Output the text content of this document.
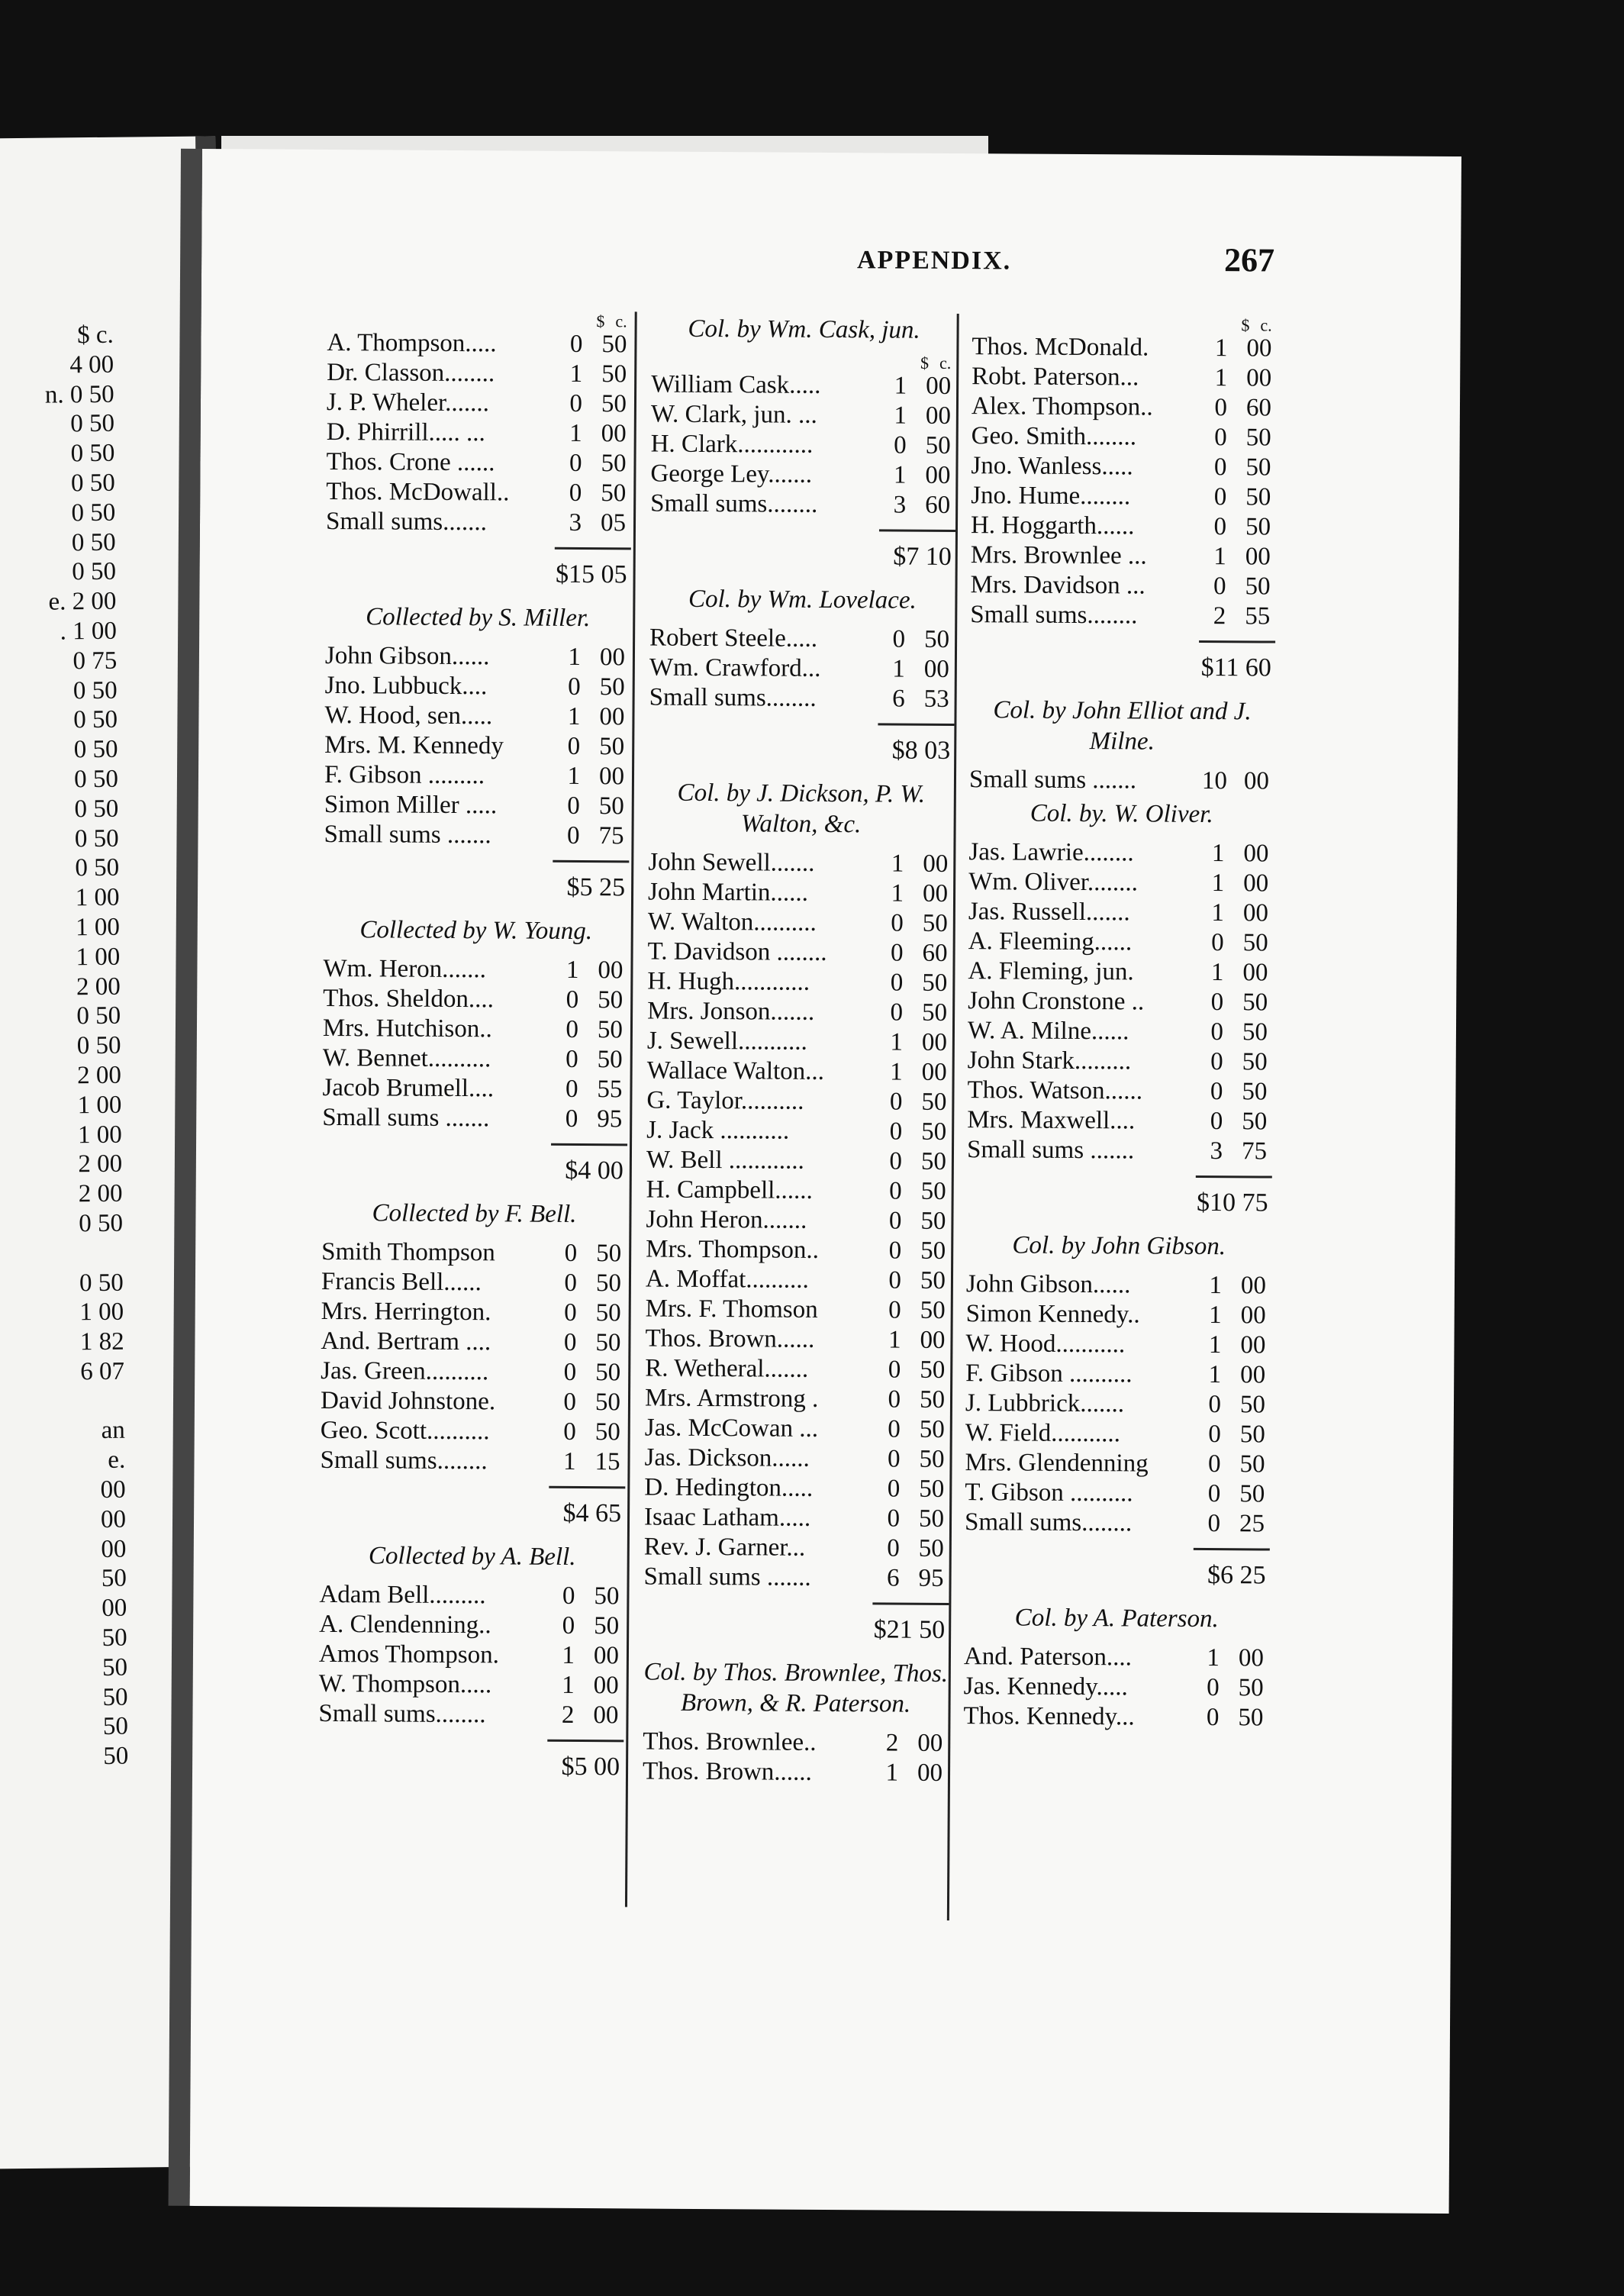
$ c.
4 00
n. 0 50
0 50
0 50
0 50
0 50
0 50
0 50
e. 2 00
. 1 00
0 75
0 50
0 50
0 50
0 50
0 50
0 50
0 50
1 00
1 00
1 00
2 00
0 50
0 50
2 00
1 00
1 00
2 00
2 00
0 50
0 50
1 00
1 82
6 07
an
e.
00
00
00
50
00
50
50
50
50
50
APPENDIX.	267
$ c.
A. Thompson.....	0 50
Dr. Classon........	1 50
J. P. Wheler.......	0 50
D. Phirrill..... ...	1 00
Thos. Crone ......	0 50
Thos. McDowall..	0 50
Small sums.......	3 05
$15 05
Collected by S. Miller.
John Gibson......	1 00
Jno. Lubbuck....	0 50
W. Hood, sen.....	1 00
Mrs. M. Kennedy	0 50
F. Gibson .........	1 00
Simon Miller .....	0 50
Small sums .......	0 75
$5 25
Collected by W. Young.
Wm. Heron.......	1 00
Thos. Sheldon....	0 50
Mrs. Hutchison..	0 50
W. Bennet..........	0 50
Jacob Brumell....	0 55
Small sums .......	0 95
$4 00
Collected by F. Bell.
Smith Thompson	0 50
Francis Bell......	0 50
Mrs. Herrington.	0 50
And. Bertram ....	0 50
Jas. Green..........	0 50
David Johnstone.	0 50
Geo. Scott..........	0 50
Small sums........	1 15
$4 65
Collected by A. Bell.
Adam Bell.........	0 50
A. Clendenning..	0 50
Amos Thompson.	1 00
W. Thompson.....	1 00
Small sums........	2 00
$5 00
Col. by Wm. Cask, jun.
$ c.
William Cask.....	1 00
W. Clark, jun. ...	1 00
H. Clark............	0 50
George Ley.......	1 00
Small sums........	3 60
$7 10
Col. by Wm. Lovelace.
Robert Steele.....	0 50
Wm. Crawford...	1 00
Small sums........	6 53
$8 03
Col. by J. Dickson, P. W. Walton, &c.
John Sewell.......	1 00
John Martin......	1 00
W. Walton..........	0 50
T. Davidson ........	0 60
H. Hugh............	0 50
Mrs. Jonson.......	0 50
J. Sewell...........	1 00
Wallace Walton...	1 00
G. Taylor..........	0 50
J. Jack ...........	0 50
W. Bell ............	0 50
H. Campbell......	0 50
John Heron.......	0 50
Mrs. Thompson..	0 50
A. Moffat..........	0 50
Mrs. F. Thomson	0 50
Thos. Brown......	1 00
R. Wetheral.......	0 50
Mrs. Armstrong .	0 50
Jas. McCowan ...	0 50
Jas. Dickson......	0 50
D. Hedington.....	0 50
Isaac Latham.....	0 50
Rev. J. Garner...	0 50
Small sums .......	6 95
$21 50
Col. by Thos. Brownlee, Thos. Brown, & R. Paterson.
Thos. Brownlee..	2 00
Thos. Brown......	1 00
$ c.
Thos. McDonald.	1 00
Robt. Paterson...	1 00
Alex. Thompson..	0 60
Geo. Smith........	0 50
Jno. Wanless.....	0 50
Jno. Hume........	0 50
H. Hoggarth......	0 50
Mrs. Brownlee ...	1 00
Mrs. Davidson ...	0 50
Small sums........	2 55
$11 60
Col. by John Elliot and J. Milne.
Small sums .......	10 00
Col. by. W. Oliver.
Jas. Lawrie........	1 00
Wm. Oliver........	1 00
Jas. Russell.......	1 00
A. Fleeming......	0 50
A. Fleming, jun.	1 00
John Cronstone ..	0 50
W. A. Milne......	0 50
John Stark.........	0 50
Thos. Watson......	0 50
Mrs. Maxwell....	0 50
Small sums .......	3 75
$10 75
Col. by John Gibson.
John Gibson......	1 00
Simon Kennedy..	1 00
W. Hood...........	1 00
F. Gibson ..........	1 00
J. Lubbrick.......	0 50
W. Field...........	0 50
Mrs. Glendenning	0 50
T. Gibson ..........	0 50
Small sums........	0 25
$6 25
Col. by A. Paterson.
And. Paterson....	1 00
Jas. Kennedy.....	0 50
Thos. Kennedy...	0 50
